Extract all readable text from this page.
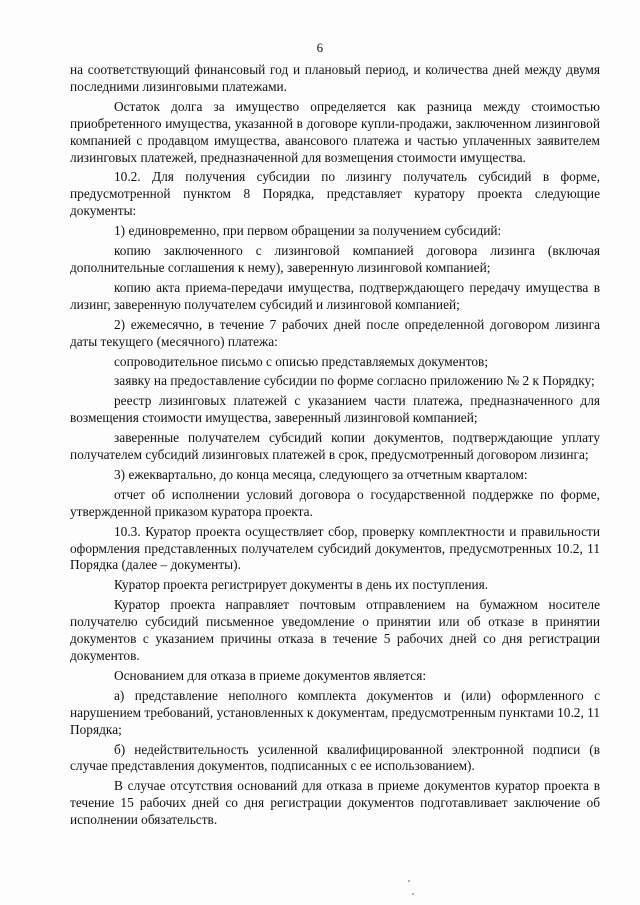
6

на соответствующий финансовый год и плановый период, и количества дней между двумя последними лизинговыми платежами.

Остаток долга за имущество определяется как разница между стоимостью приобретенного имущества, указанной в договоре купли-продажи, заключенном лизинговой компанией с продавцом имущества, авансового платежа и частью уплаченных заявителем лизинговых платежей, предназначенной для возмещения стоимости имущества.

10.2. Для получения субсидии по лизингу получатель субсидий в форме, предусмотренной пунктом 8 Порядка, представляет куратору проекта следующие документы:

1) единовременно, при первом обращении за получением субсидий:

копию заключенного с лизинговой компанией договора лизинга (включая дополнительные соглашения к нему), заверенную лизинговой компанией;

копию акта приема-передачи имущества, подтверждающего передачу имущества в лизинг, заверенную получателем субсидий и лизинговой компанией;

2) ежемесячно, в течение 7 рабочих дней после определенной договором лизинга даты текущего (месячного) платежа:

сопроводительное письмо с описью представляемых документов;

заявку на предоставление субсидии по форме согласно приложению № 2 к Порядку;

реестр лизинговых платежей с указанием части платежа, предназначенного для возмещения стоимости имущества, заверенный лизинговой компанией;

заверенные получателем субсидий копии документов, подтверждающие уплату получателем субсидий лизинговых платежей в срок, предусмотренный договором лизинга;

3) ежеквартально, до конца месяца, следующего за отчетным кварталом:

отчет об исполнении условий договора о государственной поддержке по форме, утвержденной приказом куратора проекта.

10.3. Куратор проекта осуществляет сбор, проверку комплектности и правильности оформления представленных получателем субсидий документов, предусмотренных 10.2, 11 Порядка (далее – документы).

Куратор проекта регистрирует документы в день их поступления.

Куратор проекта направляет почтовым отправлением на бумажном носителе получателю субсидий письменное уведомление о принятии или об отказе в принятии документов с указанием причины отказа в течение 5 рабочих дней со дня регистрации документов.

Основанием для отказа в приеме документов является:

а) представление неполного комплекта документов и (или) оформленного с нарушением требований, установленных к документам, предусмотренным пунктами 10.2, 11 Порядка;

б) недействительность усиленной квалифицированной электронной подписи (в случае представления документов, подписанных с ее использованием).

В случае отсутствия оснований для отказа в приеме документов куратор проекта в течение 15 рабочих дней со дня регистрации документов подготавливает заключение об исполнении обязательств.
